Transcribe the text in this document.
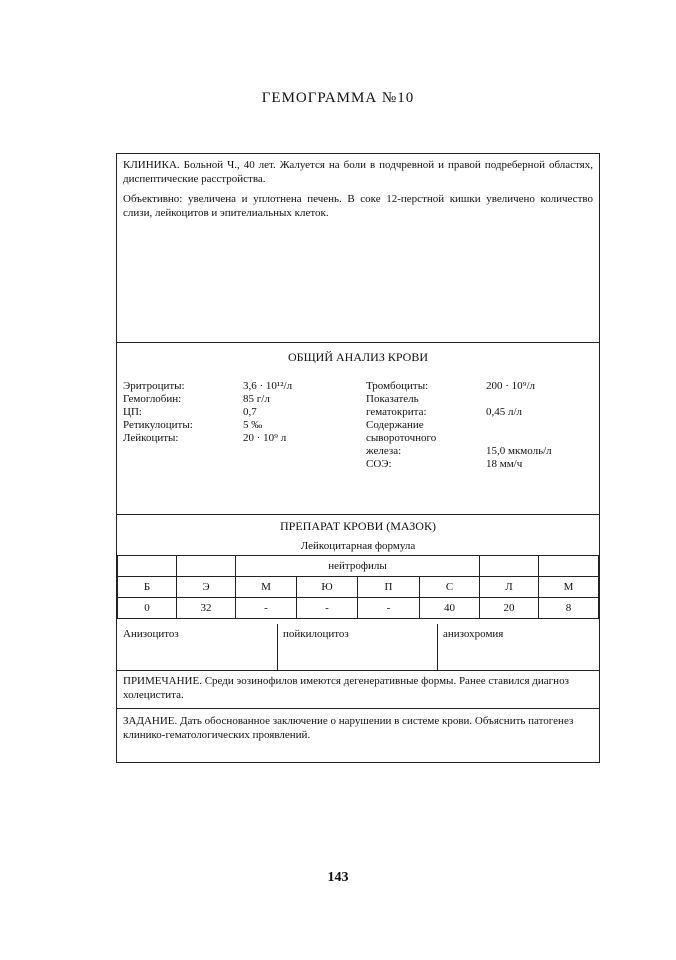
ГЕМОГРАММА №10

КЛИНИКА. Больной Ч., 40 лет. Жалуется на боли в подчревной и правой подреберной областях, диспептические расстройства.

Объективно: увеличена и уплотнена печень. В соке 12-перстной кишки увеличено количество слизи, лейкоцитов и эпителиальных клеток.

ОБЩИЙ АНАЛИЗ КРОВИ
Эритроциты:	3,6 · 10¹²/л
Гемоглобин:	85 г/л
ЦП:	0,7
Ретикулоциты:	5 ‰
Лейкоциты:	20 · 10⁹ л
Тромбоциты:	200 · 10⁹/л
Показатель
гематокрита:	0,45 л/л
Содержание
сывороточного
железа:	15,0 мкмоль/л
СОЭ:	18 мм/ч
ПРЕПАРАТ КРОВИ (МАЗОК)
Лейкоцитарная формула
		нейтрофилы					
Б	Э	М	Ю	П	С	Л	М
0	32	-	-	-	40	20	8
Анизоцитоз	пойкилоцитоз	анизохромия
ПРИМЕЧАНИЕ. Среди эозинофилов имеются дегенеративные формы. Ранее ставился диагноз холецистита.
ЗАДАНИЕ. Дать обоснованное заключение о нарушении в системе крови. Объяснить патогенез клинико-гематологических проявлений.
143
